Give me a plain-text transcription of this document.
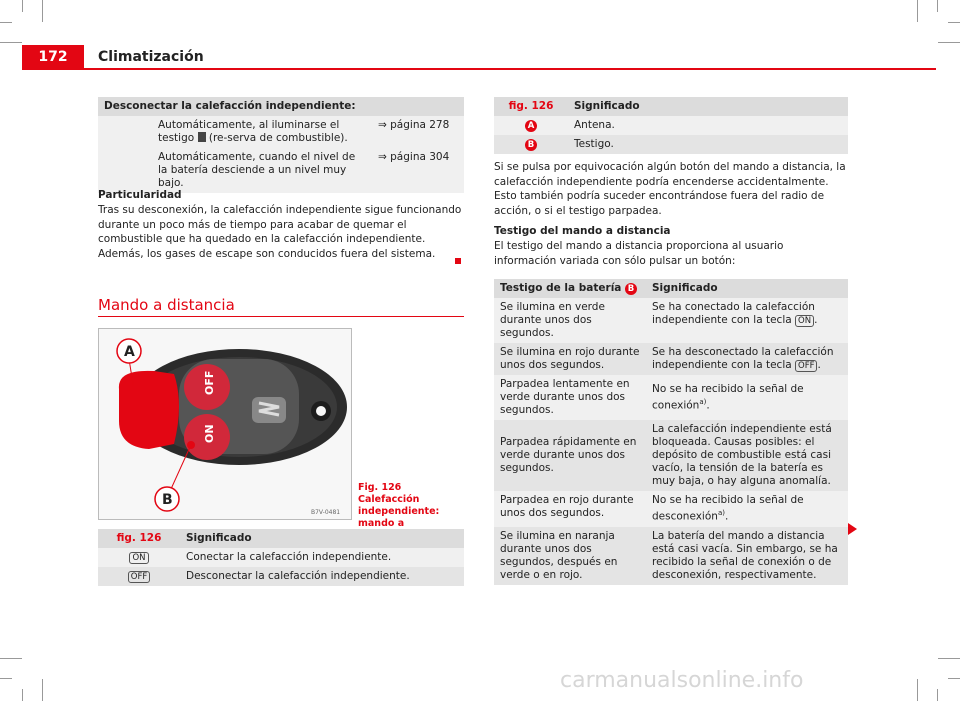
172	Climatización
Desconectar la calefacción independiente:		
	Automáticamente, al iluminarse el testigo (re-serva de combustible).	⇒ página 278
	Automáticamente, cuando el nivel de la batería desciende a un nivel muy bajo.	⇒ página 304
Particularidad
Tras su desconexión, la calefacción independiente sigue funcionando durante un poco más de tiempo para acabar de quemar el combustible que ha quedado en la calefacción independiente. Además, los gases de escape son conducidos fuera del sistema.
Mando a distancia
OFF
ON
A
B
B7V-0481
Fig. 126 Calefacción independiente: mando a
fig. 126	Significado
ON	Conectar la calefacción independiente.
OFF	Desconectar la calefacción independiente.
fig. 126	Significado
A	Antena.
B	Testigo.
Si se pulsa por equivocación algún botón del mando a distancia, la calefacción independiente podría encenderse accidentalmente. Esto también podría suceder encontrándose fuera del radio de acción, o si el testigo parpadea.
Testigo del mando a distancia
El testigo del mando a distancia proporciona al usuario información variada con sólo pulsar un botón:
Testigo de la batería B	Significado
Se ilumina en verde durante unos dos segundos.	Se ha conectado la calefacción independiente con la tecla ON .
Se ilumina en rojo durante unos dos segundos.	Se ha desconectado la calefacción independiente con la tecla OFF .
Parpadea lentamente en verde durante unos dos segundos.	No se ha recibido la señal de conexión$^{a)}$.
Parpadea rápidamente en verde durante unos dos segundos.	La calefacción independiente está bloqueada. Causas posibles: el depósito de combustible está casi vacío, la tensión de la batería es muy baja, o hay alguna anomalía.
Parpadea en rojo durante unos dos segundos.	No se ha recibido la señal de desconexión$^{a)}$.
Se ilumina en naranja durante unos dos segundos, después en verde o en rojo.	La batería del mando a distancia está casi vacía. Sin embargo, se ha recibido la señal de conexión o de desconexión, respectivamente.
carmanualsonline.info
